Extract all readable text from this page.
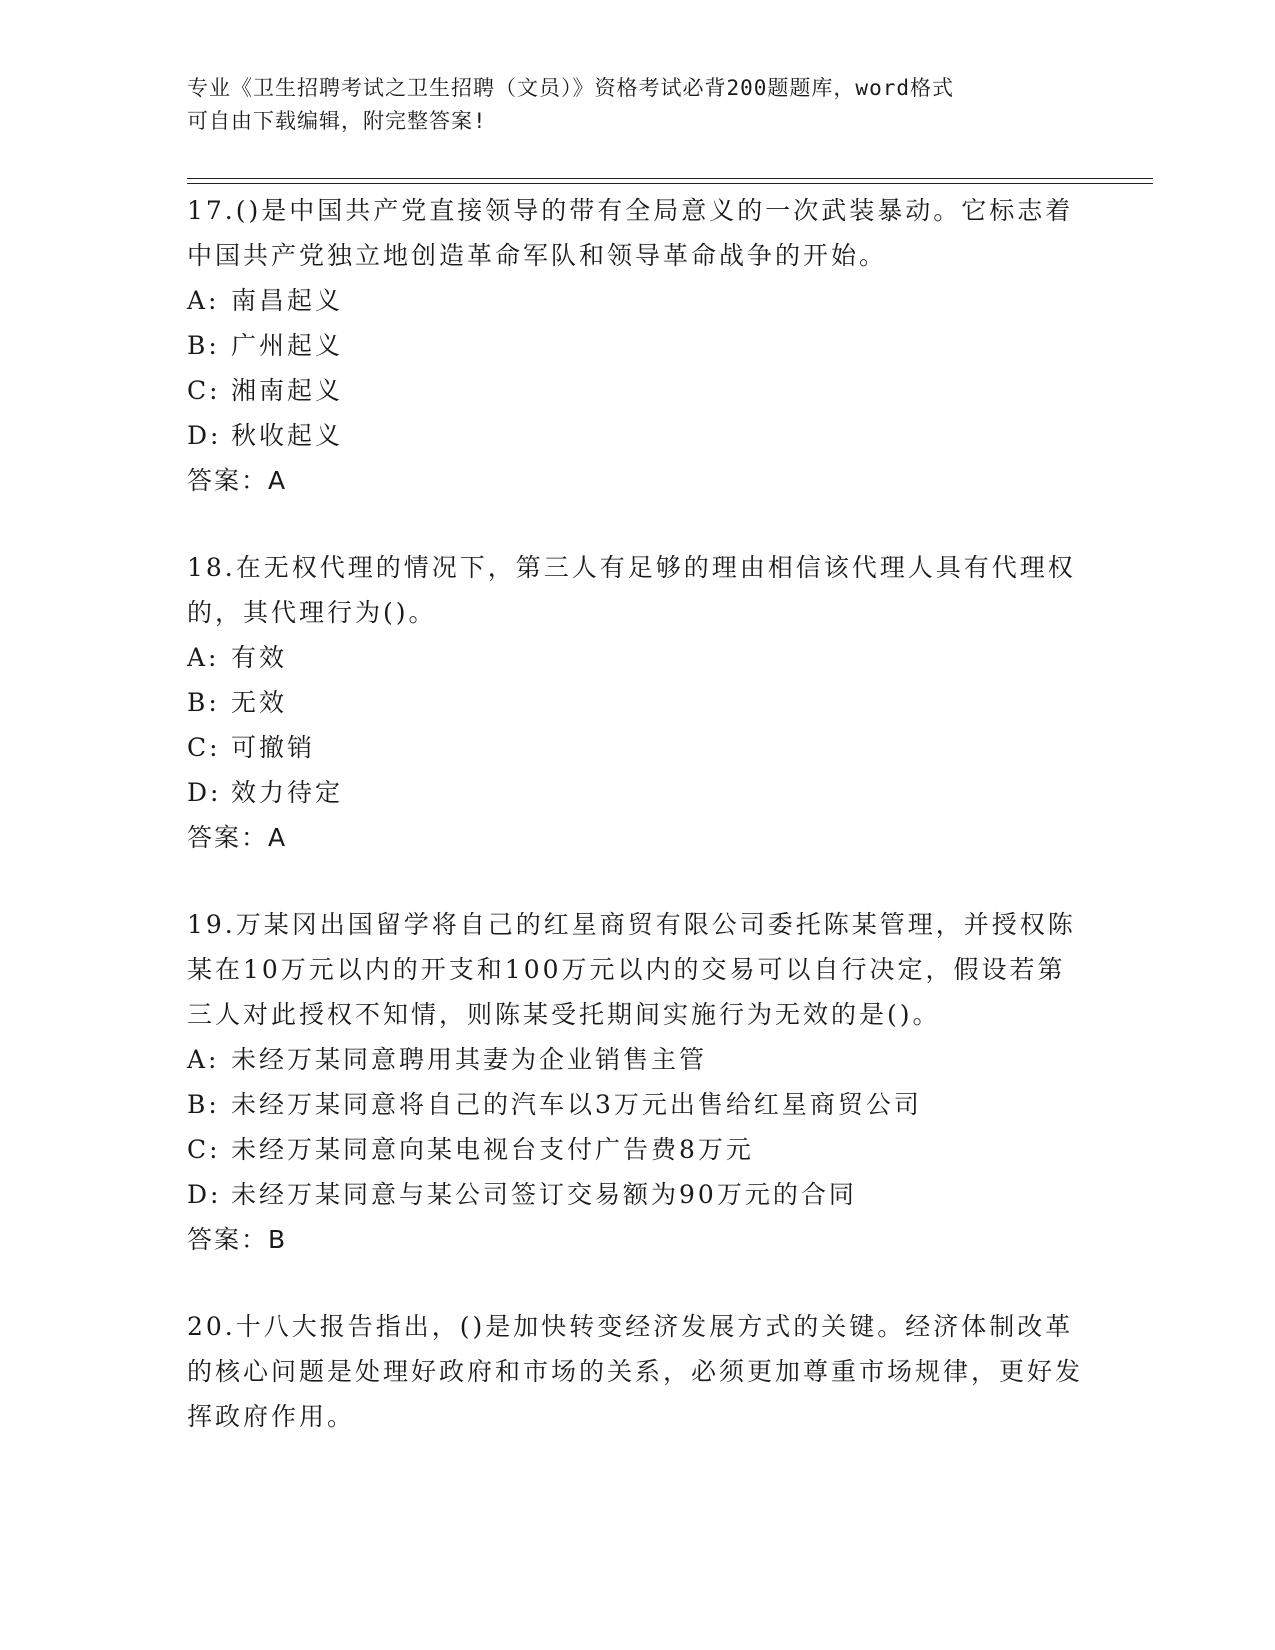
专业《卫生招聘考试之卫生招聘（文员）》资格考试必背200题题库，word格式
可自由下载编辑，附完整答案!

17.()是中国共产党直接领导的带有全局意义的一次武装暴动。它标志着中国共产党独立地创造革命军队和领导革命战争的开始。

A: 南昌起义

B: 广州起义

C: 湘南起义

D: 秋收起义

答案：A

18.在无权代理的情况下，第三人有足够的理由相信该代理人具有代理权的，其代理行为()。

A: 有效

B: 无效

C: 可撤销

D: 效力待定

答案：A

19.万某冈出国留学将自己的红星商贸有限公司委托陈某管理，并授权陈某在10万元以内的开支和100万元以内的交易可以自行决定，假设若第三人对此授权不知情，则陈某受托期间实施行为无效的是()。

A: 未经万某同意聘用其妻为企业销售主管

B: 未经万某同意将自己的汽车以3万元出售给红星商贸公司

C: 未经万某同意向某电视台支付广告费8万元

D: 未经万某同意与某公司签订交易额为90万元的合同

答案：B

20.十八大报告指出，()是加快转变经济发展方式的关键。经济体制改革的核心问题是处理好政府和市场的关系，必须更加尊重市场规律，更好发挥政府作用。
